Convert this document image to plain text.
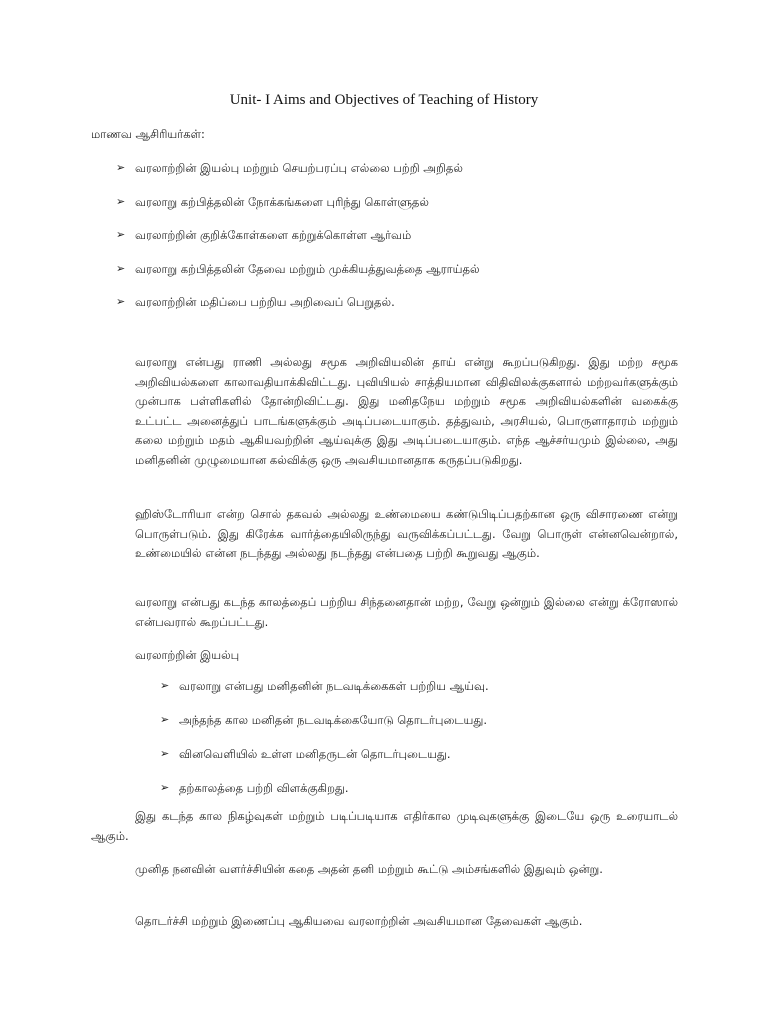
Unit- I Aims and Objectives of Teaching of History
மாணவ ஆசிரியர்கள்:
➢ வரலாற்றின் இயல்பு மற்றும் செயற்பரப்பு எல்லை பற்றி அறிதல்
➢ வரலாறு கற்பித்தலின் நோக்கங்களை புரிந்து கொள்ளுதல்
➢ வரலாற்றின் குறிக்கோள்களை கற்றுக்கொள்ள ஆர்வம்
➢ வரலாறு கற்பித்தலின் தேவை மற்றும் முக்கியத்துவத்தை ஆராய்தல்
➢ வரலாற்றின் மதிப்பை பற்றிய அறிவைப் பெறுதல்.
வரலாறு என்பது ராணி அல்லது சமூக அறிவியலின் தாய் என்று கூறப்படுகிறது. இது மற்ற சமூக அறிவியல்களை காலாவதியாக்கிவிட்டது. புவியியல் சாத்தியமான விதிவிலக்குகளால் மற்றவர்களுக்கும் முன்பாக பள்ளிகளில் தோன்றிவிட்டது. இது மனிதநேய மற்றும் சமூக அறிவியல்களின் வகைக்கு உட்பட்ட அனைத்துப் பாடங்களுக்கும் அடிப்படையாகும். தத்துவம், அரசியல், பொருளாதாரம் மற்றும் கலை மற்றும் மதம் ஆகியவற்றின் ஆய்வுக்கு இது அடிப்படையாகும். எந்த ஆச்சர்யமும் இல்லை, அது மனிதனின் முழுமையான கல்விக்கு ஒரு அவசியமானதாக கருதப்படுகிறது.
ஹிஸ்டோரியா என்ற சொல் தகவல் அல்லது உண்மையை கண்டுபிடிப்பதற்கான ஒரு விசாரணை என்று பொருள்படும். இது கிரேக்க வார்த்தையிலிருந்து வருவிக்கப்பட்டது. வேறு பொருள் என்னவென்றால், உண்மையில் என்ன நடந்தது அல்லது நடந்தது என்பதை பற்றி கூறுவது ஆகும்.
வரலாறு என்பது கடந்த காலத்தைப் பற்றிய சிந்தனைதான் மற்ற, வேறு ஒன்றும் இல்லை என்று க்ரோஸால் என்பவரால் கூறப்பட்டது.
வரலாற்றின் இயல்பு
➢ வரலாறு என்பது மனிதனின் நடவடிக்கைகள் பற்றிய ஆய்வு.
➢ அந்தந்த கால மனிதன் நடவடிக்கையோடு தொடர்புடையது.
➢ வினவெளியில் உள்ள மனிதருடன் தொடர்புடையது.
➢ தற்காலத்தை பற்றி விளக்குகிறது.
இது கடந்த கால நிகழ்வுகள் மற்றும் படிப்படியாக எதிர்கால முடிவுகளுக்கு இடையே ஒரு உரையாடல் ஆகும்.
முனித நனவின் வளர்ச்சியின் கதை அதன் தனி மற்றும் கூட்டு அம்சங்களில் இதுவும் ஒன்று.
தொடர்ச்சி மற்றும் இணைப்பு ஆகியவை வரலாற்றின் அவசியமான தேவைகள் ஆகும்.
